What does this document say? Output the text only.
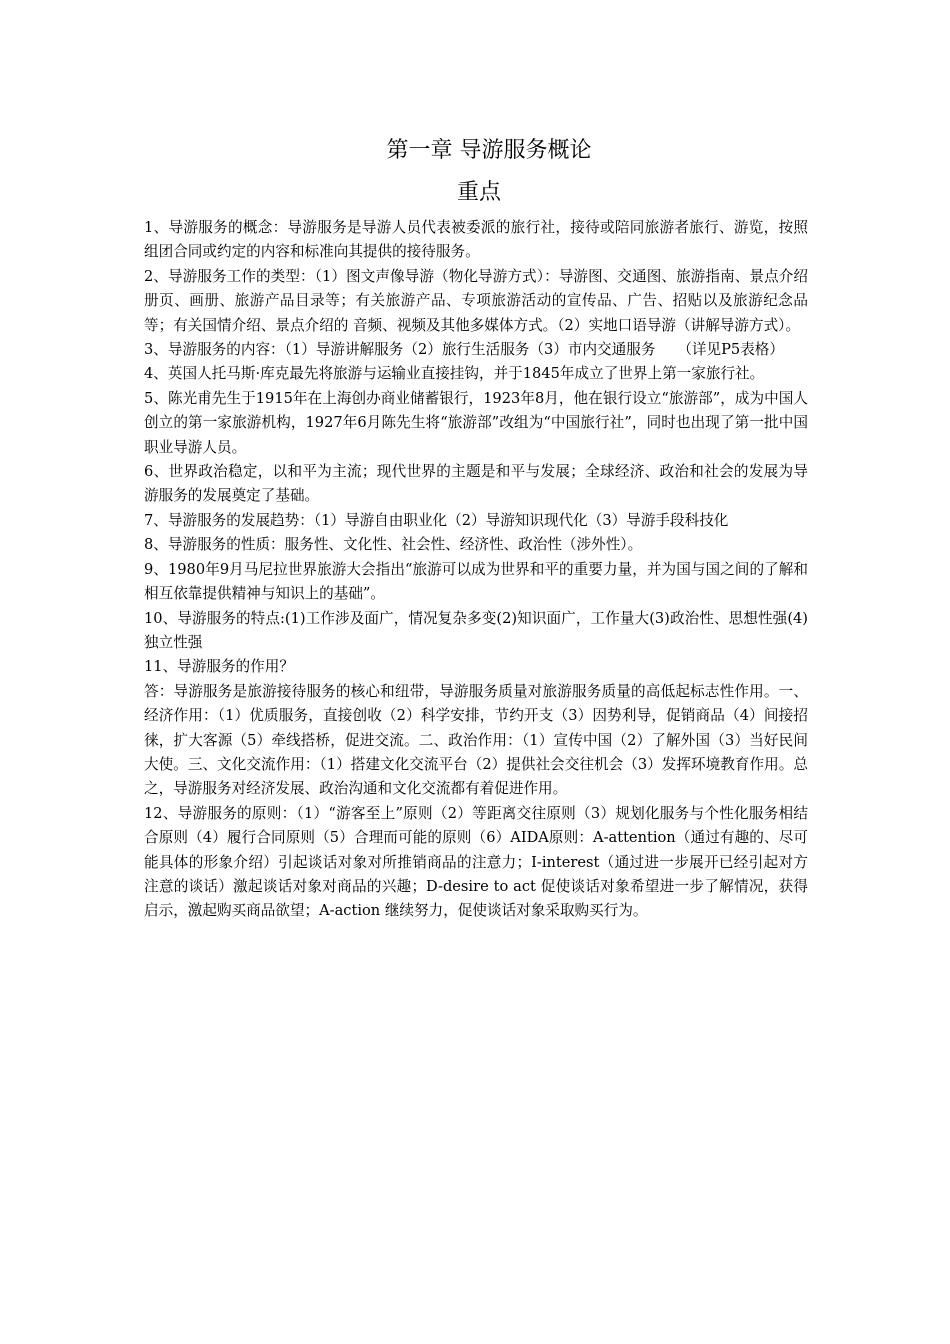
第一章 导游服务概论
重点

1、导游服务的概念：导游服务是导游人员代表被委派的旅行社，接待或陪同旅游者旅行、游览，按照组团合同或约定的内容和标准向其提供的接待服务。

2、导游服务工作的类型：（1）图文声像导游（物化导游方式）：导游图、交通图、旅游指南、景点介绍册页、画册、旅游产品目录等；有关旅游产品、专项旅游活动的宣传品、广告、招贴以及旅游纪念品等；有关国情介绍、景点介绍的 音频、视频及其他多媒体方式。（2）实地口语导游（讲解导游方式）。

3、导游服务的内容：（1）导游讲解服务（2）旅行生活服务（3）市内交通服务　　（详见P5表格）

4、英国人托马斯·库克最先将旅游与运输业直接挂钩，并于1845年成立了世界上第一家旅行社。

5、陈光甫先生于1915年在上海创办商业储蓄银行，1923年8月，他在银行设立“旅游部”，成为中国人创立的第一家旅游机构，1927年6月陈先生将“旅游部”改组为“中国旅行社”，同时也出现了第一批中国职业导游人员。

6、世界政治稳定，以和平为主流；现代世界的主题是和平与发展；全球经济、政治和社会的发展为导游服务的发展奠定了基础。

7、导游服务的发展趋势：（1）导游自由职业化（2）导游知识现代化（3）导游手段科技化

8、导游服务的性质：服务性、文化性、社会性、经济性、政治性（涉外性）。

9、1980年9月马尼拉世界旅游大会指出“旅游可以成为世界和平的重要力量，并为国与国之间的了解和相互依靠提供精神与知识上的基础”。

10、导游服务的特点:(1)工作涉及面广，情况复杂多变(2)知识面广，工作量大(3)政治性、思想性强(4)独立性强

11、导游服务的作用？

答：导游服务是旅游接待服务的核心和纽带，导游服务质量对旅游服务质量的高低起标志性作用。一、经济作用：（1）优质服务，直接创收（2）科学安排，节约开支（3）因势利导，促销商品（4）间接招徕，扩大客源（5）牵线搭桥，促进交流。二、政治作用：（1）宣传中国（2）了解外国（3）当好民间大使。三、文化交流作用：（1）搭建文化交流平台（2）提供社会交往机会（3）发挥环境教育作用。总之，导游服务对经济发展、政治沟通和文化交流都有着促进作用。

12、导游服务的原则：（1）“游客至上”原则（2）等距离交往原则（3）规划化服务与个性化服务相结合原则（4）履行合同原则（5）合理而可能的原则（6）AIDA原则：A-attention（通过有趣的、尽可能具体的形象介绍）引起谈话对象对所推销商品的注意力；I-interest（通过进一步展开已经引起对方注意的谈话）激起谈话对象对商品的兴趣；D-desire to act 促使谈话对象希望进一步了解情况，获得启示，激起购买商品欲望；A-action 继续努力，促使谈话对象采取购买行为。
